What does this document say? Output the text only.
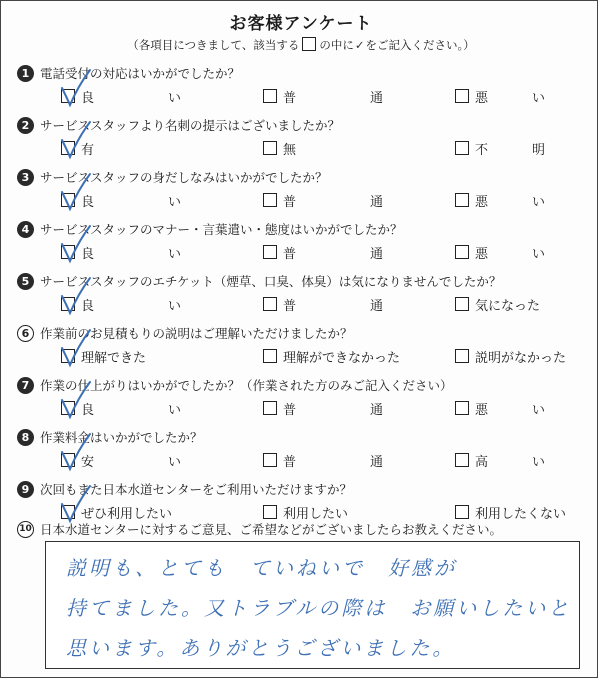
お客様アンケート
（各項目につきまして、該当する の中に✓をご記入ください。）
1 電話受付の対応はいかがでしたか？
良	い	普	通	悪	い
2 サービススタッフより名刺の提示はございましたか？
有	無	不	明
3 サービススタッフの身だしなみはいかがでしたか？
良	い	普	通	悪	い
4 サービススタッフのマナー・言葉遣い・態度はいかがでしたか？
良	い	普	通	悪	い
5 サービススタッフのエチケット（煙草、口臭、体臭）は気になりませんでしたか？
良	い	普	通	気になった
6 作業前のお見積もりの説明はご理解いただけましたか？
理解できた	理解ができなかった	説明がなかった
7 作業の仕上がりはいかがでしたか？（作業された方のみご記入ください）
良	い	普	通	悪	い
8 作業料金はいかがでしたか？
安	い	普	通	高	い
9 次回もまた日本水道センターをご利用いただけますか？
ぜひ利用したい	利用したい	利用したくない
10 日本水道センターに対するご意見、ご希望などがございましたらお教えください。
説明も、とても　ていねいで　好感が
持てました。又トラブルの際は　お願いしたいと
思います。ありがとうございました。
